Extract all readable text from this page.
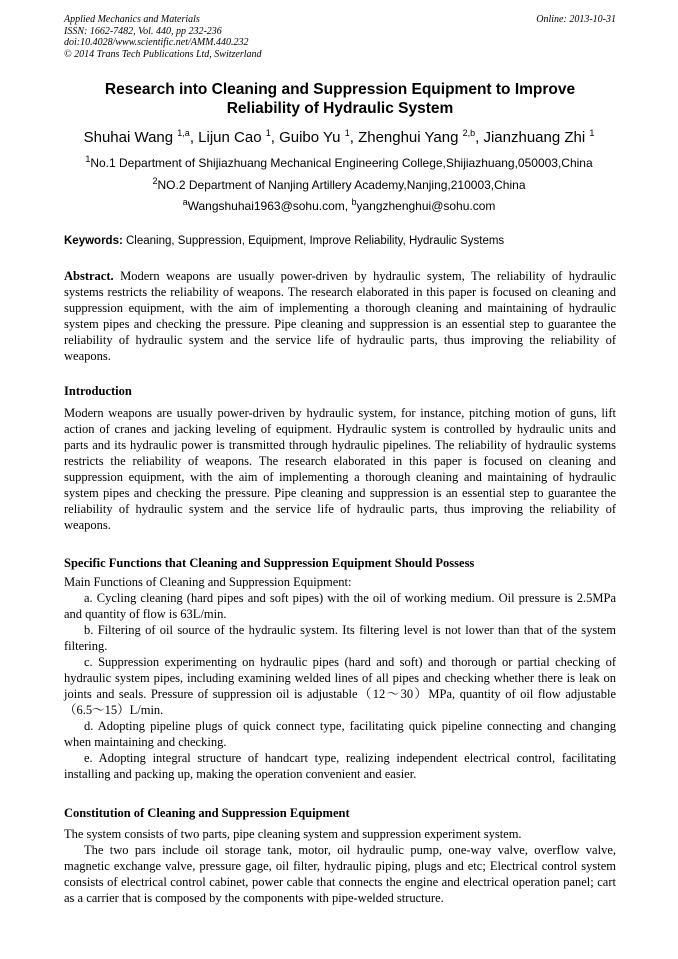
Applied Mechanics and Materials
ISSN: 1662-7482, Vol. 440, pp 232-236
doi:10.4028/www.scientific.net/AMM.440.232
© 2014 Trans Tech Publications Ltd, Switzerland
Online: 2013-10-31
Research into Cleaning and Suppression Equipment to Improve
Reliability of Hydraulic System
Shuhai Wang $^{1,a}$, Lijun Cao $^1$, Guibo Yu $^1$, Zhenghui Yang $^{2,b}$, Jianzhuang Zhi $^1$
$^1$No.1 Department of Shijiazhuang Mechanical Engineering College,Shijiazhuang,050003,China
$^2$NO.2 Department of Nanjing Artillery Academy,Nanjing,210003,China
$^a$Wangshuhai1963@sohu.com, $^b$yangzhenghui@sohu.com
Keywords: Cleaning, Suppression, Equipment, Improve Reliability, Hydraulic Systems

Abstract. Modern weapons are usually power-driven by hydraulic system, The reliability of hydraulic systems restricts the reliability of weapons. The research elaborated in this paper is focused on cleaning and suppression equipment, with the aim of implementing a thorough cleaning and maintaining of hydraulic system pipes and checking the pressure. Pipe cleaning and suppression is an essential step to guarantee the reliability of hydraulic system and the service life of hydraulic parts, thus improving the reliability of weapons.

Introduction

Modern weapons are usually power-driven by hydraulic system, for instance, pitching motion of guns, lift action of cranes and jacking leveling of equipment. Hydraulic system is controlled by hydraulic units and parts and its hydraulic power is transmitted through hydraulic pipelines. The reliability of hydraulic systems restricts the reliability of weapons. The research elaborated in this paper is focused on cleaning and suppression equipment, with the aim of implementing a thorough cleaning and maintaining of hydraulic system pipes and checking the pressure. Pipe cleaning and suppression is an essential step to guarantee the reliability of hydraulic system and the service life of hydraulic parts, thus improving the reliability of weapons.

Specific Functions that Cleaning and Suppression Equipment Should Possess

Main Functions of Cleaning and Suppression Equipment:

a. Cycling cleaning (hard pipes and soft pipes) with the oil of working medium. Oil pressure is 2.5MPa and quantity of flow is 63L/min.

b. Filtering of oil source of the hydraulic system. Its filtering level is not lower than that of the system filtering.

c. Suppression experimenting on hydraulic pipes (hard and soft) and thorough or partial checking of hydraulic system pipes, including examining welded lines of all pipes and checking whether there is leak on joints and seals. Pressure of suppression oil is adjustable（12～30）MPa, quantity of oil flow adjustable（6.5～15）L/min.

d. Adopting pipeline plugs of quick connect type, facilitating quick pipeline connecting and changing when maintaining and checking.

e. Adopting integral structure of handcart type, realizing independent electrical control, facilitating installing and packing up, making the operation convenient and easier.

Constitution of Cleaning and Suppression Equipment

The system consists of two parts, pipe cleaning system and suppression experiment system.

The two pars include oil storage tank, motor, oil hydraulic pump, one-way valve, overflow valve, magnetic exchange valve, pressure gage, oil filter, hydraulic piping, plugs and etc; Electrical control system consists of electrical control cabinet, power cable that connects the engine and electrical operation panel; cart as a carrier that is composed by the components with pipe-welded structure.
